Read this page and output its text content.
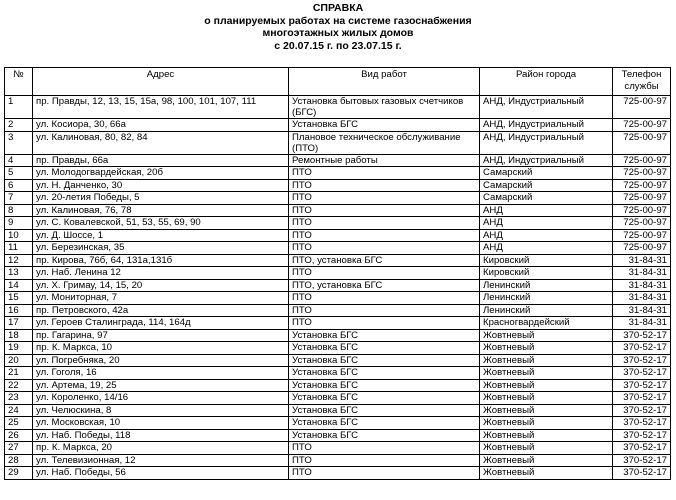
СПРАВКА
о планируемых работах на системе газоснабжения
многоэтажных жилых домов
с 20.07.15 г. по 23.07.15 г.
№	Адрес	Вид работ	Район города	Телефон службы
1	пр. Правды, 12, 13, 15, 15а, 98, 100, 101, 107, 111	Установка бытовых газовых счетчиков (БГС)	АНД, Индустриальный	725-00-97
2	ул. Косиора, 30, 66а	Установка БГС	АНД, Индустриальный	725-00-97
3	ул. Калиновая, 80, 82, 84	Плановое техническое обслуживание (ПТО)	АНД, Индустриальный	725-00-97
4	пр. Правды, 66а	Ремонтные работы	АНД, Индустриальный	725-00-97
5	ул. Молодогвардейская, 20б	ПТО	Самарский	725-00-97
6	ул. Н. Данченко, 30	ПТО	Самарский	725-00-97
7	ул. 20-летия Победы, 5	ПТО	Самарский	725-00-97
8	ул. Калиновая, 76, 78	ПТО	АНД	725-00-97
9	ул. С. Ковалевской, 51, 53, 55, 69, 90	ПТО	АНД	725-00-97
10	ул. Д. Шоссе, 1	ПТО	АНД	725-00-97
11	ул. Березинская, 35	ПТО	АНД	725-00-97
12	пр. Кирова, 76б, 64, 131а,131б	ПТО, установка БГС	Кировский	31-84-31
13	ул. Наб. Ленина 12	ПТО	Кировский	31-84-31
14	ул. Х. Гримау, 14, 15, 20	ПТО, установка БГС	Ленинский	31-84-31
15	ул. Мониторная, 7	ПТО	Ленинский	31-84-31
16	пр. Петровского, 42а	ПТО	Ленинский	31-84-31
17	ул. Героев Сталинграда, 114, 164д	ПТО	Красногвардейский	31-84-31
18	пр. Гагарина, 97	Установка БГС	Жовтневый	370-52-17
19	пр. К. Маркса, 10	Установка БГС	Жовтневый	370-52-17
20	ул. Погребняка, 20	Установка БГС	Жовтневый	370-52-17
21	ул. Гоголя, 16	Установка БГС	Жовтневый	370-52-17
22	ул. Артема, 19, 25	Установка БГС	Жовтневый	370-52-17
23	ул. Короленко, 14/16	Установка БГС	Жовтневый	370-52-17
24	ул. Челюскина, 8	Установка БГС	Жовтневый	370-52-17
25	ул. Московская, 10	Установка БГС	Жовтневый	370-52-17
26	ул. Наб. Победы, 118	Установка БГС	Жовтневый	370-52-17
27	пр. К. Маркса, 20	ПТО	Жовтневый	370-52-17
28	ул. Телевизионная, 12	ПТО	Жовтневый	370-52-17
29	ул. Наб. Победы, 56	ПТО	Жовтневый	370-52-17
